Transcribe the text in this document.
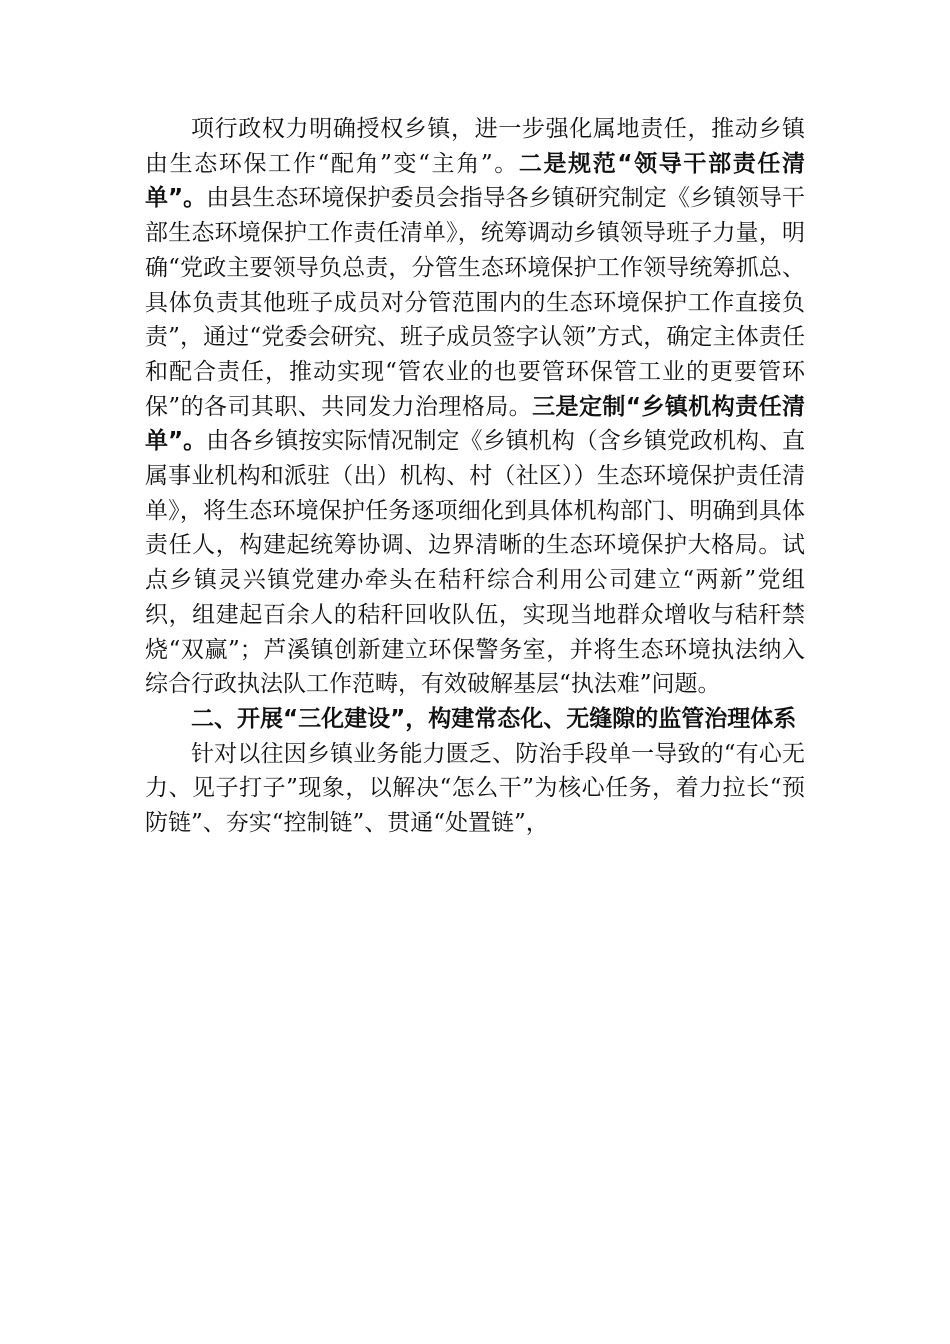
项行政权力明确授权乡镇，进一步强化属地责任，推动乡镇由生态环保工作“配角”变“主角”。二是规范“领导干部责任清单”。由县生态环境保护委员会指导各乡镇研究制定《乡镇领导干部生态环境保护工作责任清单》，统筹调动乡镇领导班子力量，明确“党政主要领导负总责，分管生态环境保护工作领导统筹抓总、具体负责其他班子成员对分管范围内的生态环境保护工作直接负责”，通过“党委会研究、班子成员签字认领”方式，确定主体责任和配合责任，推动实现“管农业的也要管环保管工业的更要管环保”的各司其职、共同发力治理格局。三是定制“乡镇机构责任清单”。由各乡镇按实际情况制定《乡镇机构（含乡镇党政机构、直属事业机构和派驻（出）机构、村（社区））生态环境保护责任清单》，将生态环境保护任务逐项细化到具体机构部门、明确到具体责任人，构建起统筹协调、边界清晰的生态环境保护大格局。试点乡镇灵兴镇党建办牵头在秸秆综合利用公司建立“两新”党组织，组建起百余人的秸秆回收队伍，实现当地群众增收与秸秆禁烧“双赢”；芦溪镇创新建立环保警务室，并将生态环境执法纳入综合行政执法队工作范畴，有效破解基层“执法难”问题。

二、开展“三化建设”，构建常态化、无缝隙的监管治理体系

针对以往因乡镇业务能力匮乏、防治手段单一导致的“有心无力、见子打子”现象，以解决“怎么干”为核心任务，着力拉长“预防链”、夯实“控制链”、贯通“处置链”，
